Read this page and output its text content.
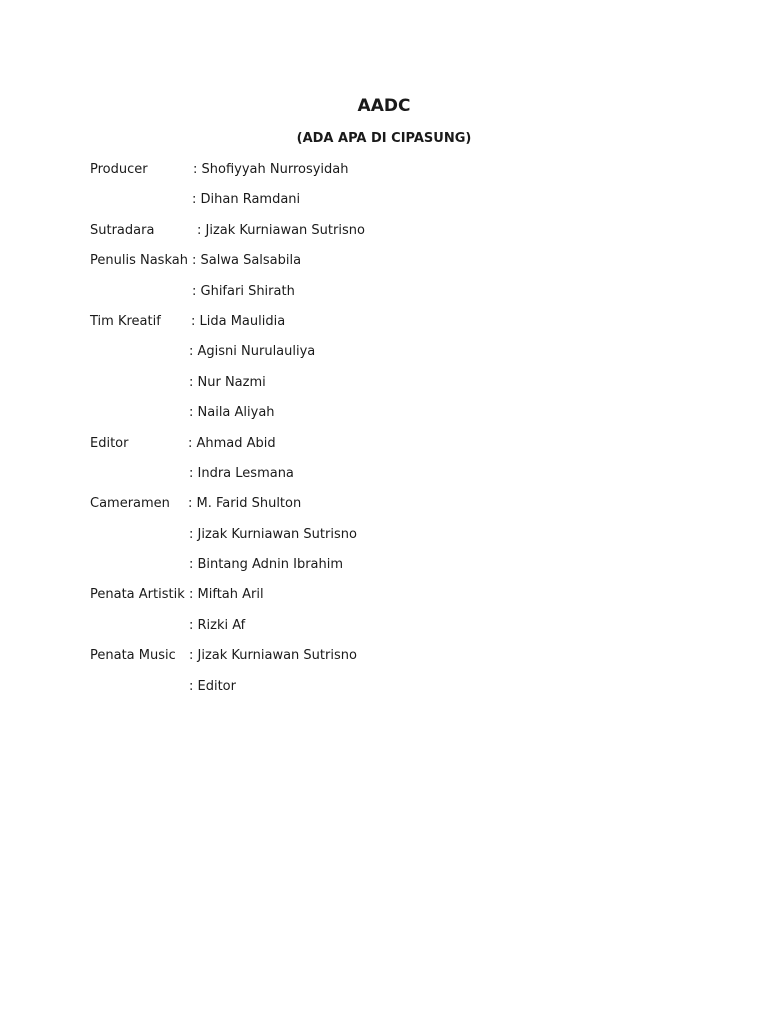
AADC
(ADA APA DI CIPASUNG)
Producer	: Shofiyyah Nurrosyidah
: Dihan Ramdani
Sutradara	: Jizak Kurniawan Sutrisno
Penulis Naskah : Salwa Salsabila
: Ghifari Shirath
Tim Kreatif : Lida Maulidia
: Agisni Nurulauliya
: Nur Nazmi
: Naila Aliyah
Editor	: Ahmad Abid
: Indra Lesmana
Cameramen : M. Farid Shulton
: Jizak Kurniawan Sutrisno
: Bintang Adnin Ibrahim
Penata Artistik : Miftah Aril
: Rizki Af
Penata Music : Jizak Kurniawan Sutrisno
: Editor
